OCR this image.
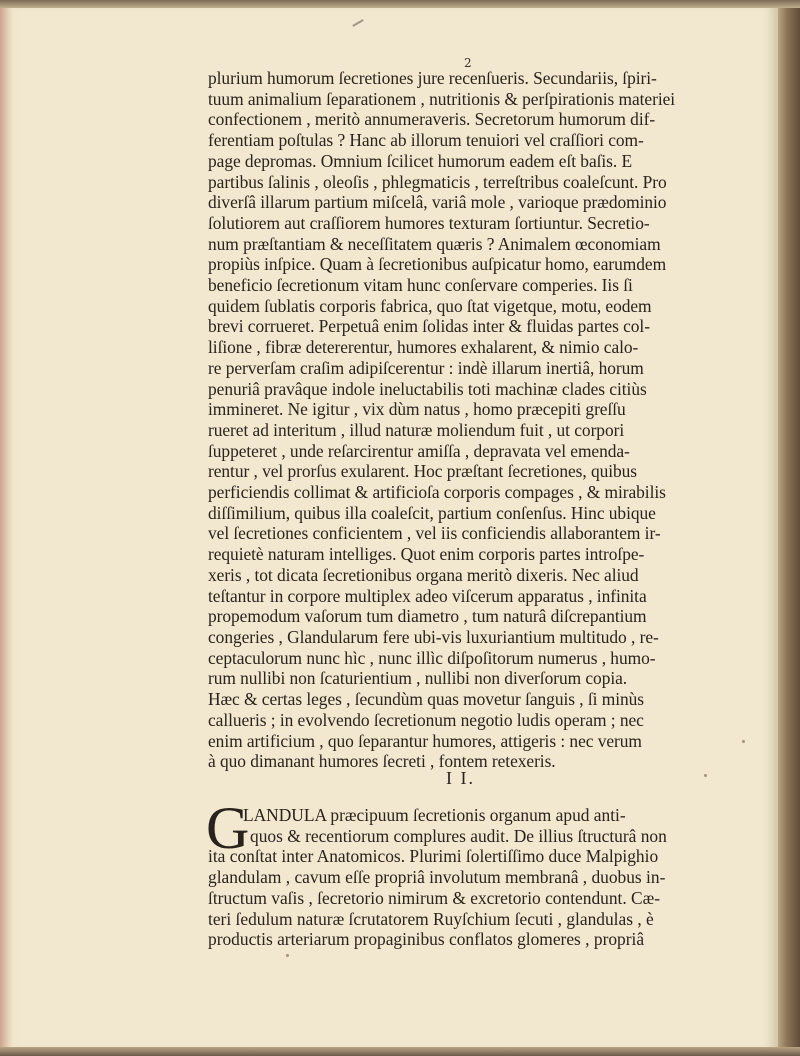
2
plurium humorum ſecretiones jure recenſueris. Secundariis, ſpiri-
tuum animalium ſeparationem , nutritionis & perſpirationis materiei
confectionem , meritò annumeraveris. Secretorum humorum dif-
ferentiam poſtulas ? Hanc ab illorum tenuiori vel craſſiori com-
page depromas. Omnium ſcilicet humorum eadem eſt baſis. E
partibus ſalinis , oleoſis , phlegmaticis , terreſtribus coaleſcunt. Pro
diverſâ illarum partium miſcelâ, variâ mole , varioque prædominio
ſolutiorem aut craſſiorem humores texturam ſortiuntur. Secretio-
num præſtantiam & neceſſitatem quæris ? Animalem œconomiam
propiùs inſpice. Quam à ſecretionibus auſpicatur homo, earumdem
beneficio ſecretionum vitam hunc conſervare comperies. Iis ſi
quidem ſublatis corporis fabrica, quo ſtat vigetque, motu, eodem
brevi corrueret. Perpetuâ enim ſolidas inter & fluidas partes col-
liſione , fibræ detererentur, humores exhalarent, & nimio calo-
re perverſam craſim adipiſcerentur : indè illarum inertiâ, horum
penuriâ pravâque indole ineluctabilis toti machinæ clades citiùs
immineret. Ne igitur , vix dùm natus , homo præcepiti greſſu
rueret ad interitum , illud naturæ moliendum fuit , ut corpori
ſuppeteret , unde reſarcirentur amiſſa , depravata vel emenda-
rentur , vel prorſus exularent. Hoc præſtant ſecretiones, quibus
perficiendis collimat & artificioſa corporis compages , & mirabilis
diſſimilium, quibus illa coaleſcit, partium conſenſus. Hinc ubique
vel ſecretiones conficientem , vel iis conficiendis allaborantem ir-
requietè naturam intelliges. Quot enim corporis partes introſpe-
xeris , tot dicata ſecretionibus organa meritò dixeris. Nec aliud
teſtantur in corpore multiplex adeo viſcerum apparatus , infinita
propemodum vaſorum tum diametro , tum naturâ diſcrepantium
congeries , Glandularum fere ubi-vis luxuriantium multitudo , re-
ceptaculorum nunc hìc , nunc illìc diſpoſitorum numerus , humo-
rum nullibi non ſcaturientium , nullibi non diverſorum copia.
Hæc & certas leges , ſecundùm quas movetur ſanguis , ſi minùs
callueris ; in evolvendo ſecretionum negotio ludis operam ; nec
enim artificium , quo ſeparantur humores, attigeris : nec verum
à quo dimanant humores ſecreti , fontem retexeris.
I I.
G
LANDULA præcipuum ſecretionis organum apud anti-
quos & recentiorum complures audit. De illius ſtructurâ non
ita conſtat inter Anatomicos. Plurimi ſolertiſſimo duce Malpighio
glandulam , cavum eſſe propriâ involutum membranâ , duobus in-
ſtructum vaſis , ſecretorio nimirum & excretorio contendunt. Cæ-
teri ſedulum naturæ ſcrutatorem Ruyſchium ſecuti , glandulas , è
productis arteriarum propaginibus conflatos glomeres , propriâ
